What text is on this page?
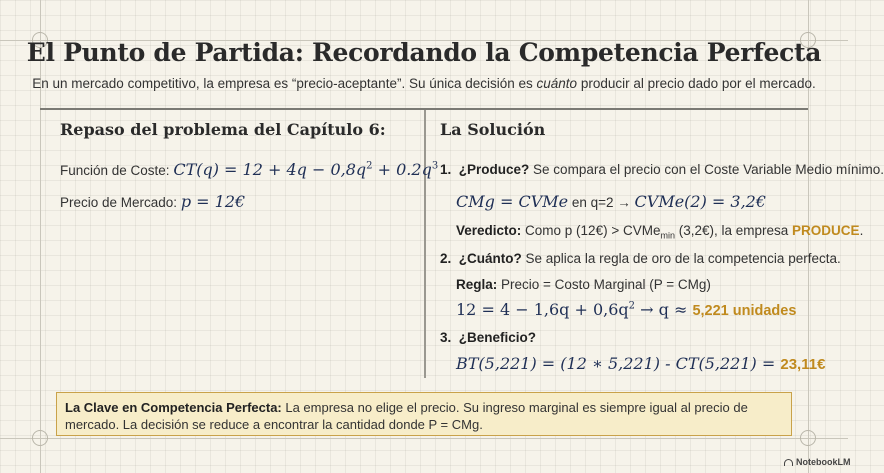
El Punto de Partida: Recordando la Competencia Perfecta

En un mercado competitivo, la empresa es “precio-aceptante”. Su única decisión es cuánto producir al precio dado por el mercado.

Repaso del problema del Capítulo 6:
Función de Coste: $CT(q) = 12 + 4q - 0,8q^2 + 0.2q^3$
Precio de Mercado: p = 12€
La Solución
1. ¿Produce? Se compara el precio con el Coste Variable Medio mínimo.
CMg = CVMe en q=2 → CVMe(2) = 3,2€
Veredicto: Como p (12€) > CVMe$_{min}$ (3,2€), la empresa PRODUCE.
2. ¿Cuánto? Se aplica la regla de oro de la competencia perfecta.
Regla: Precio = Costo Marginal (P = CMg)
$12 = 4 - 1,6q + 0,6q^2 \to q \approx 5,221$ unidades
3. ¿Beneficio?
BT(5,221) = (12 ∗ 5,221) - CT(5,221) = 23,11€
La Clave en Competencia Perfecta: La empresa no elige el precio. Su ingreso marginal es siempre igual al precio de mercado. La decisión se reduce a encontrar la cantidad donde P = CMg.
NotebookLM
